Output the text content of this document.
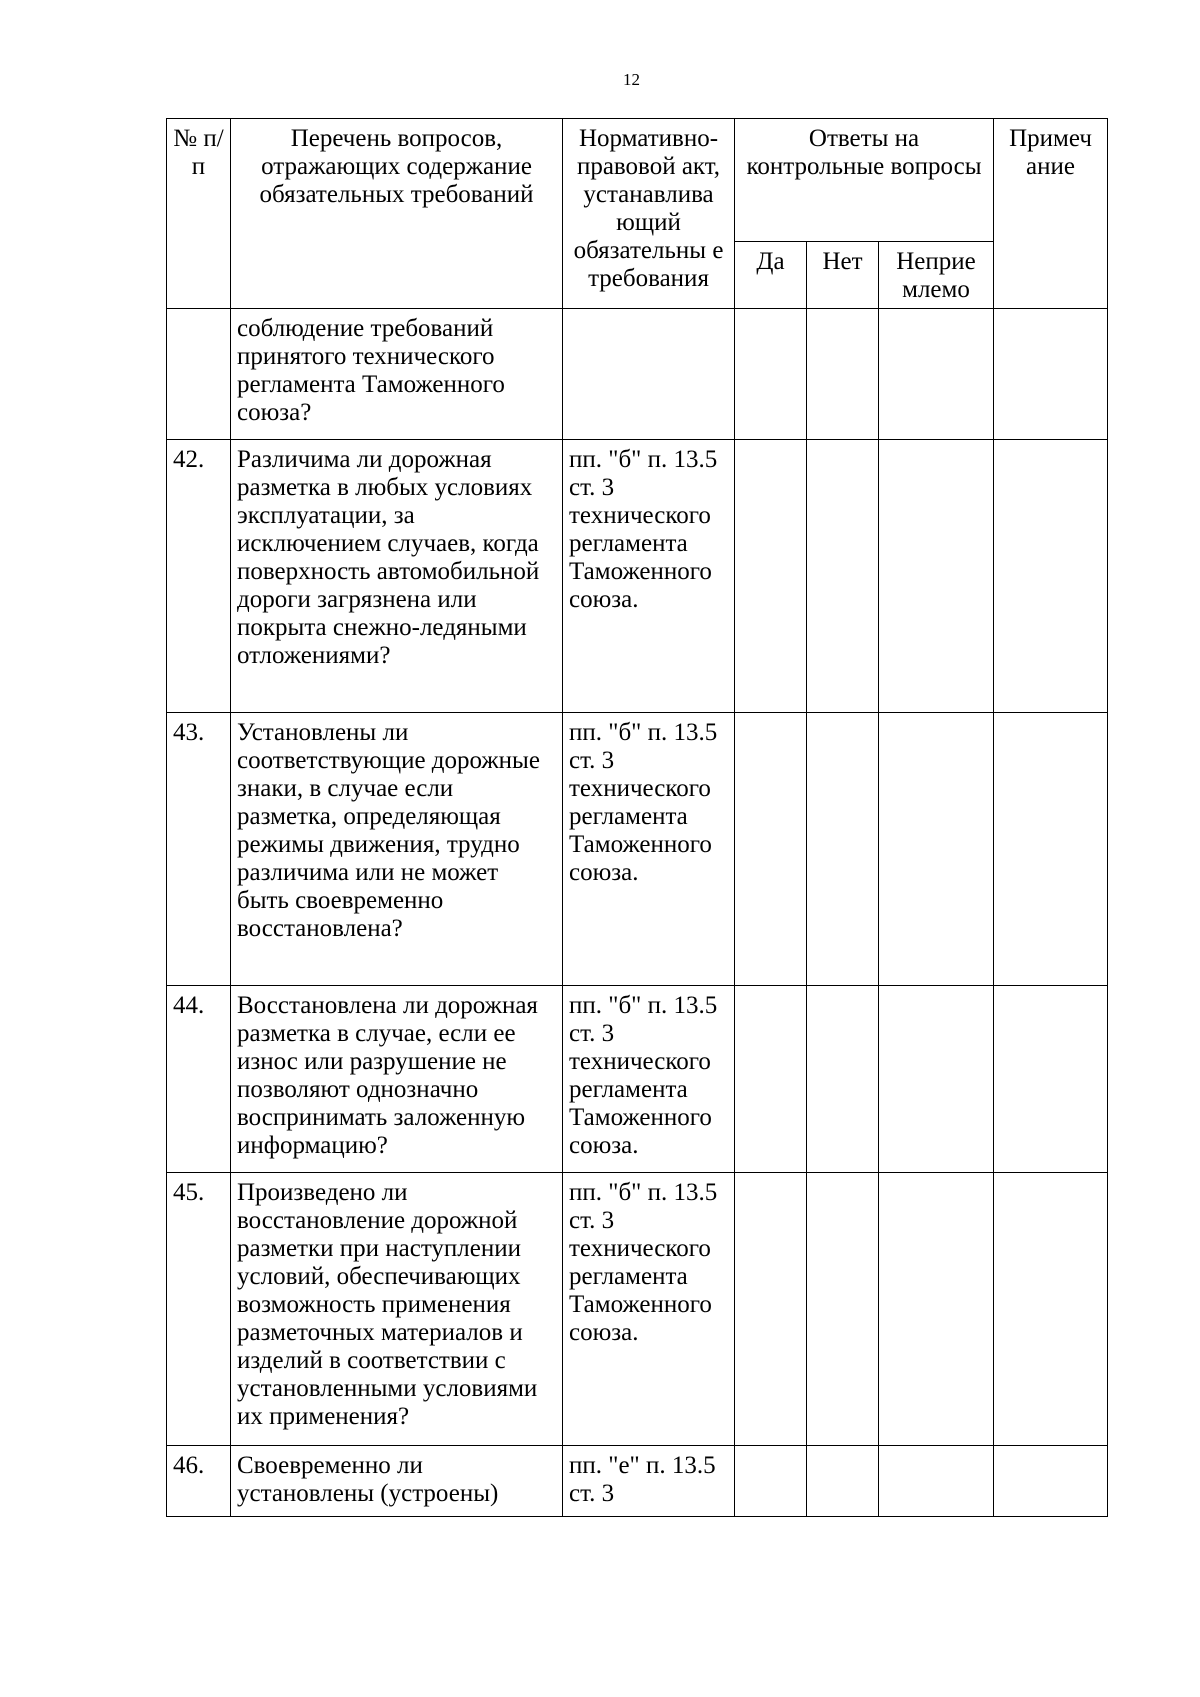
12
№ п/п	Перечень вопросов, отражающих содержание обязательных требований	Нормативно-правовой акт, устанавлива ющий обязательны е требования	Ответы на контрольные вопросы			Примеч ание
			Да	Нет	Неприе млемо	
	соблюдение требований принятого технического регламента Таможенного союза?					
42.	Различима ли дорожная разметка в любых условиях эксплуатации, за исключением случаев, когда поверхность автомобильной дороги загрязнена или покрыта снежно-ледяными отложениями?	пп. "б" п. 13.5 ст. 3 технического регламента Таможенного союза.				
43.	Установлены ли соответствующие дорожные знаки, в случае если разметка, определяющая режимы движения, трудно различима или не может быть своевременно восстановлена?	пп. "б" п. 13.5 ст. 3 технического регламента Таможенного союза.				
44.	Восстановлена ли дорожная разметка в случае, если ее износ или разрушение не позволяют однозначно воспринимать заложенную информацию?	пп. "б" п. 13.5 ст. 3 технического регламента Таможенного союза.				
45.	Произведено ли восстановление дорожной разметки при наступлении условий, обеспечивающих возможность применения разметочных материалов и изделий в соответствии с установленными условиями их применения?	пп. "б" п. 13.5 ст. 3 технического регламента Таможенного союза.				
46.	Своевременно ли установлены (устроены)	пп. "е" п. 13.5 ст. 3				
